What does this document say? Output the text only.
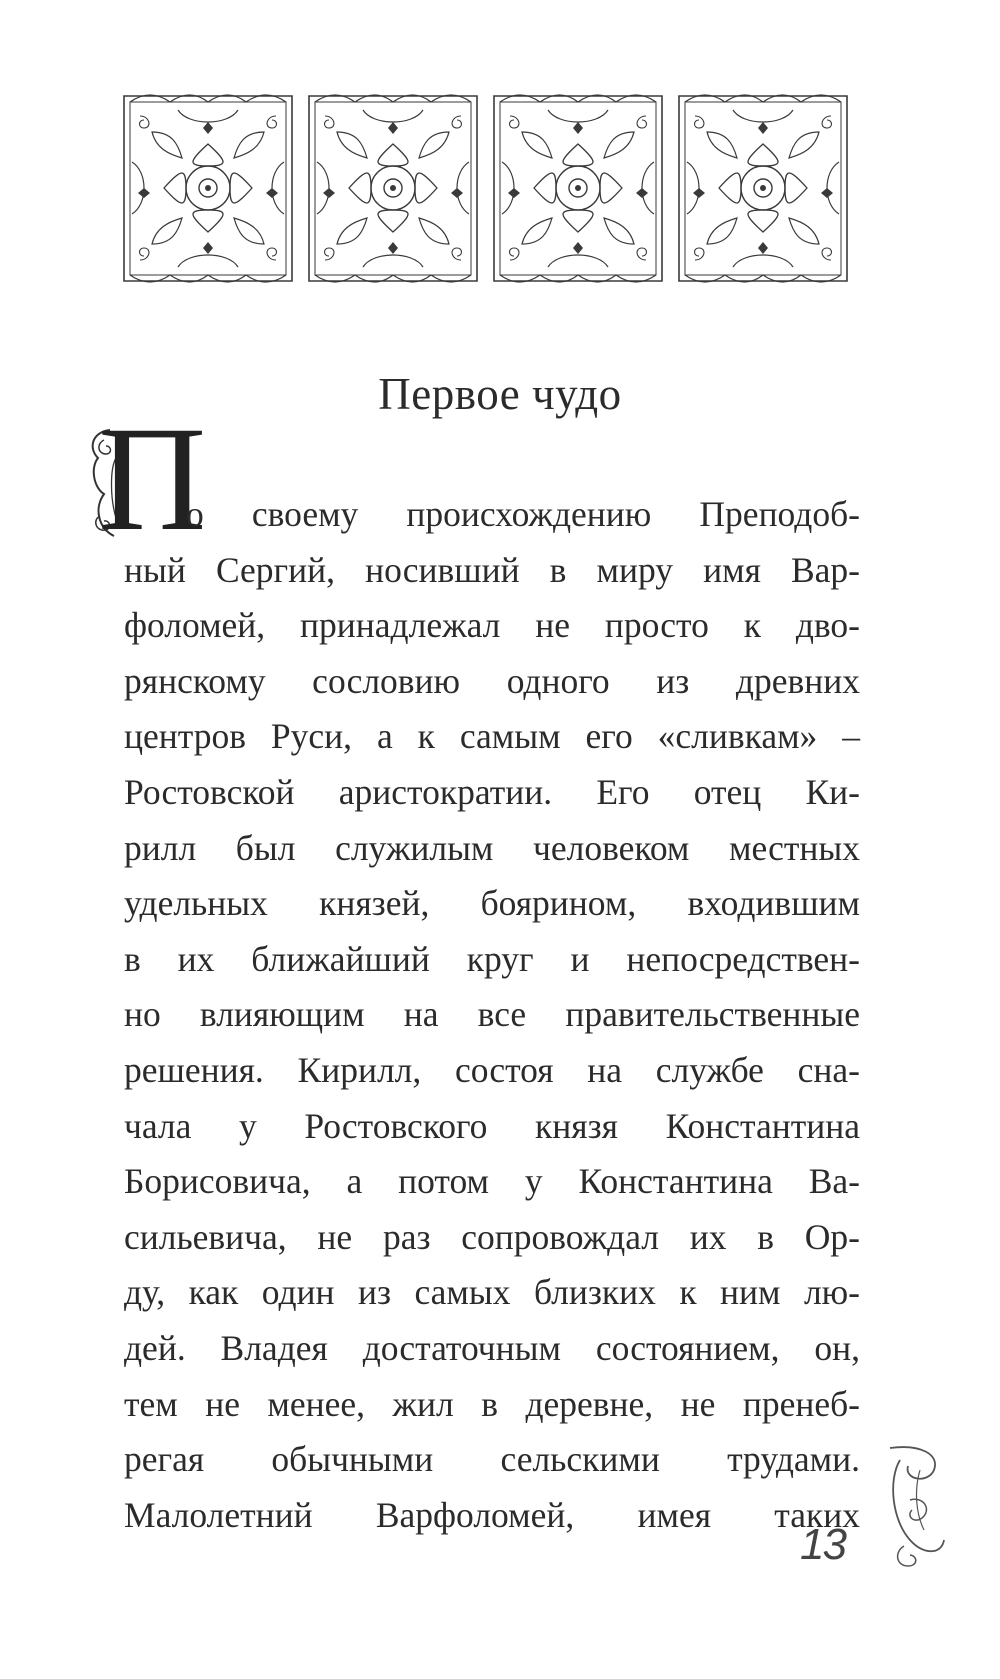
Первое чудо
П
о своему происхождению Преподоб-
ный Сергий, носивший в миру имя Вар-
фоломей, принадлежал не просто к дво-
рянскому сословию одного из древних
центров Руси, а к самым его «сливкам» –
Ростовской аристократии. Его отец Ки-
рилл был служилым человеком местных
удельных князей, боярином, входившим
в их ближайший круг и непосредствен-
но влияющим на все правительственные
решения. Кирилл, состоя на службе сна-
чала у Ростовского князя Константина
Борисовича, а потом у Константина Ва-
сильевича, не раз сопровождал их в Ор-
ду, как один из самых близких к ним лю-
дей. Владея достаточным состоянием, он,
тем не менее, жил в деревне, не пренеб-
регая обычными сельскими трудами.
Малолетний Варфоломей, имея таких
13
